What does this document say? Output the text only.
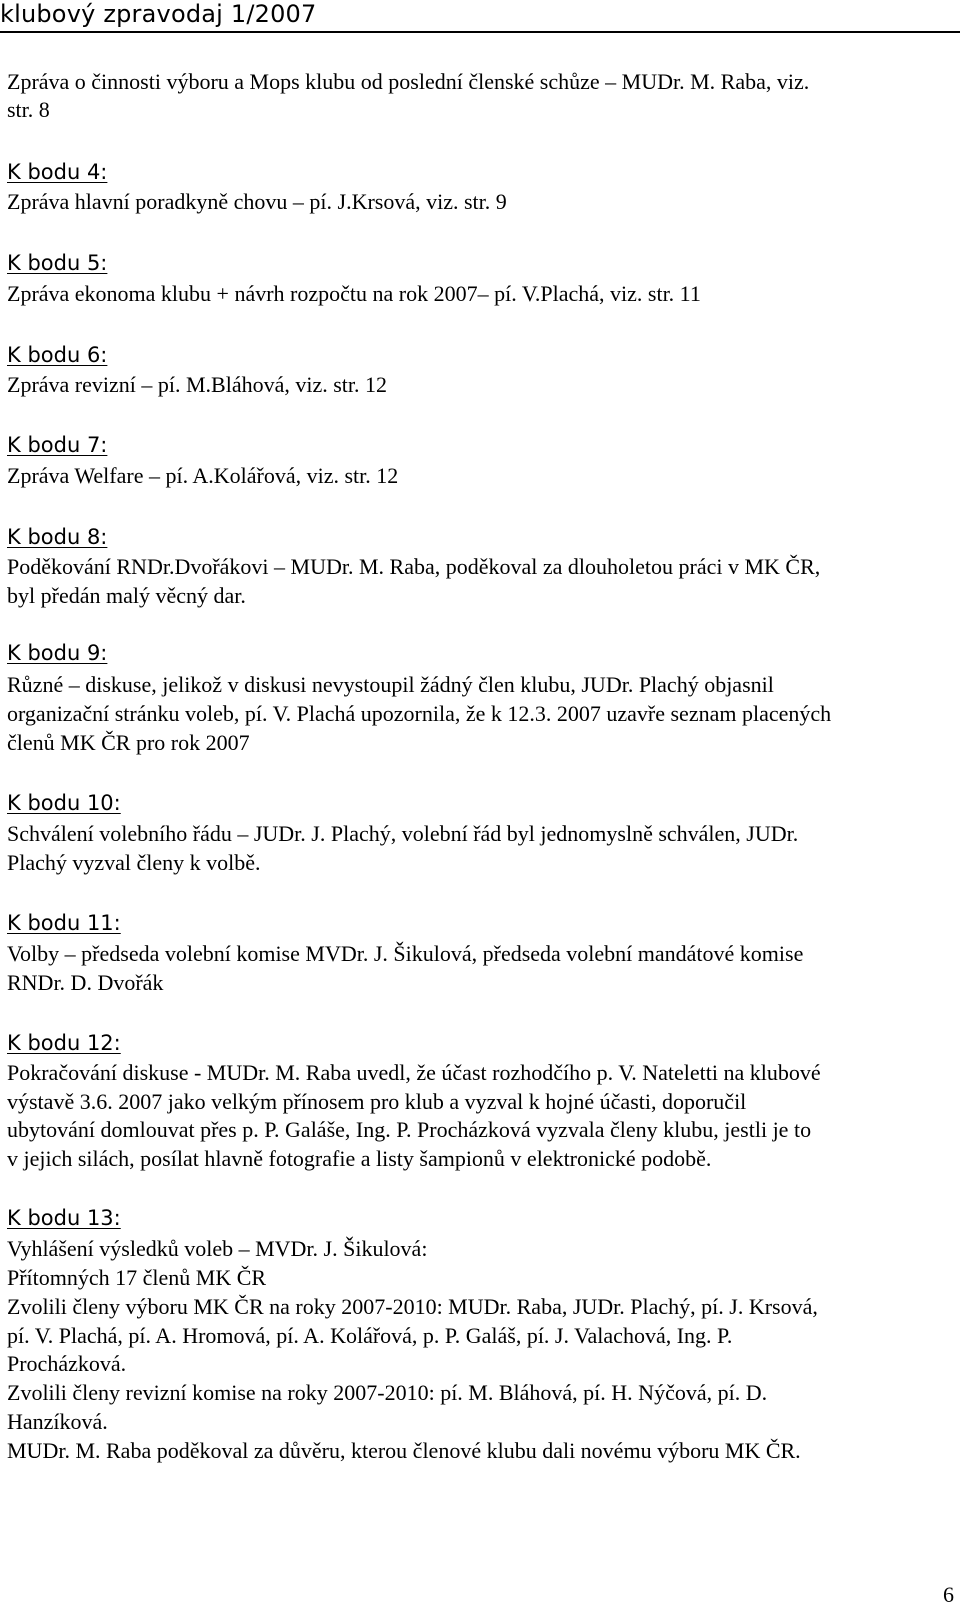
klubový zpravodaj 1/2007
Zpráva o činnosti výboru a Mops klubu od poslední členské schůze – MUDr. M. Raba, viz.
str. 8
K bodu 4:
Zpráva hlavní poradkyně chovu – pí. J.Krsová, viz. str. 9
K bodu 5:
Zpráva ekonoma klubu + návrh rozpočtu na rok 2007– pí. V.Plachá, viz. str. 11
K bodu 6:
Zpráva revizní – pí. M.Bláhová, viz. str. 12
K bodu 7:
Zpráva Welfare – pí. A.Kolářová, viz. str. 12
K bodu 8:
Poděkování RNDr.Dvořákovi – MUDr. M. Raba, poděkoval za dlouholetou práci v MK ČR,
byl předán malý věcný dar.
K bodu 9:
Různé – diskuse, jelikož v diskusi nevystoupil žádný člen klubu, JUDr. Plachý objasnil
organizační stránku voleb, pí. V. Plachá upozornila, že k 12.3. 2007 uzavře seznam placených
členů MK ČR pro rok 2007
K bodu 10:
Schválení volebního řádu – JUDr. J. Plachý, volební řád byl jednomyslně schválen, JUDr.
Plachý vyzval členy k volbě.
K bodu 11:
Volby – předseda volební komise MVDr. J. Šikulová, předseda volební mandátové komise
RNDr. D. Dvořák
K bodu 12:
Pokračování diskuse - MUDr. M. Raba uvedl, že účast rozhodčího p. V. Nateletti na klubové
výstavě 3.6. 2007 jako velkým přínosem pro klub a vyzval k hojné účasti, doporučil
ubytování domlouvat přes p. P. Galáše, Ing. P. Procházková vyzvala členy klubu, jestli je to
v jejich silách, posílat hlavně fotografie a listy šampionů v elektronické podobě.
K bodu 13:
Vyhlášení výsledků voleb – MVDr. J. Šikulová:
Přítomných 17 členů MK ČR
Zvolili členy výboru MK ČR na roky 2007-2010: MUDr. Raba, JUDr. Plachý, pí. J. Krsová,
pí. V. Plachá, pí. A. Hromová, pí. A. Kolářová, p. P. Galáš, pí. J. Valachová, Ing. P.
Procházková.
Zvolili členy revizní komise na roky 2007-2010: pí. M. Bláhová, pí. H. Nýčová, pí. D.
Hanzíková.
MUDr. M. Raba poděkoval za důvěru, kterou členové klubu dali novému výboru MK ČR.
6
